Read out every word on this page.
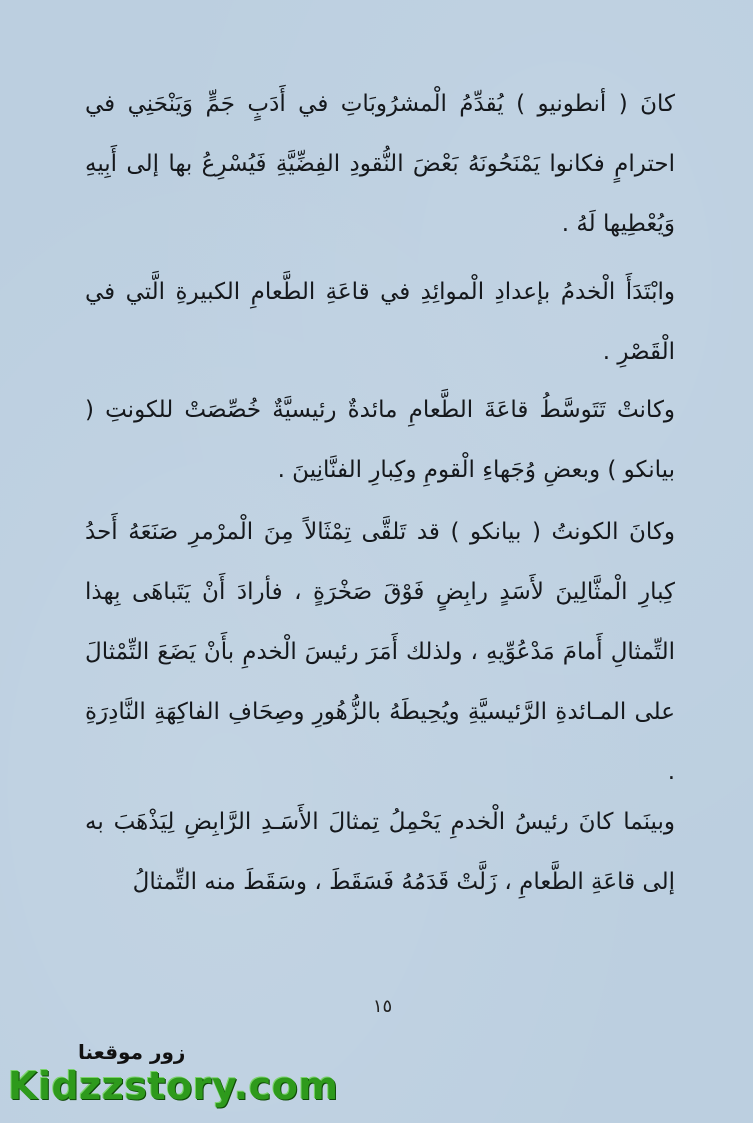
كانَ ( أنطونيو ) يُقدِّمُ الْمشرُوبَاتِ في أَدَبٍ جَمٍّ وَيَنْحَنِي في احترامٍ فكانوا يَمْنَحُونَهُ بَعْضَ النُّقودِ الفِضِّيَّةِ فَيُسْرِعُ بها إلى أَبِيهِ وَيُعْطِيها لَهُ .

وابْتَدَأَ الْخدمُ بإعدادِ الْموائِدِ في قاعَةِ الطَّعامِ الكبيرةِ الَّتي في الْقَصْرِ .

وكانتْ تَتَوسَّطُ قاعَةَ الطَّعامِ مائدةٌ رئيسيَّةٌ خُصِّصَتْ للكونتِ ( بيانكو ) وبعضِ وُجَهاءِ الْقومِ وكِبارِ الفنَّانِينَ .

وكانَ الكونتُ ( بيانكو ) قد تَلقَّى تِمْثَالاً مِنَ الْمرْمرِ صَنَعَهُ أَحدُ كِبارِ الْمثَّالِينَ لأَسَدٍ رابِضٍ فَوْقَ صَخْرَةٍ ، فأرادَ أَنْ يَتَباهَى بِهذا التِّمثالِ أَمامَ مَدْعُوِّيهِ ، ولذلك أَمَرَ رئيسَ الْخدمِ بأَنْ يَضَعَ التِّمْثالَ على المـائدةِ الرَّئيسيَّةِ ويُحِيطَهُ بالزُّهُورِ وصِحَافِ الفاكِهَةِ النَّادِرَةِ .

وبينَما كانَ رئيسُ الْخدمِ يَحْمِلُ تِمثالَ الأَسَـدِ الرَّابِضِ لِيَذْهَبَ به إلى قاعَةِ الطَّعامِ ، زَلَّتْ قَدَمُهُ فَسَقَطَ ، وسَقَطَ منه التِّمثالُ

١٥
زور موقعنا
Kidzzstory.com
